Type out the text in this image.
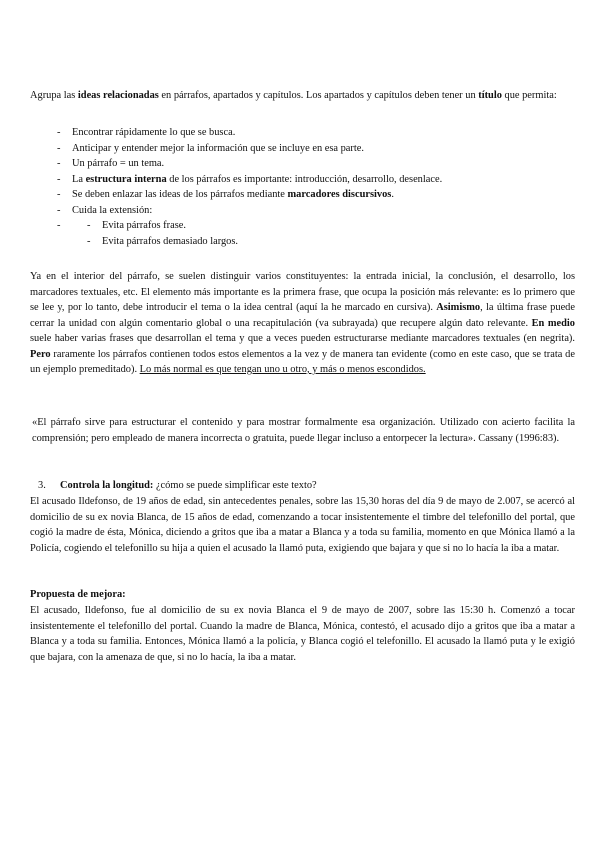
Agrupa las ideas relacionadas en párrafos, apartados y capítulos. Los apartados y capítulos deben tener un título que permita:

- Encontrar rápidamente lo que se busca.
- Anticipar y entender mejor la información que se incluye en esa parte.
- Un párrafo = un tema.
- La estructura interna de los párrafos es importante: introducción, desarrollo, desenlace.
- Se deben enlazar las ideas de los párrafos mediante marcadores discursivos.
- Cuida la extensión:
- - Evita párrafos frase.
- Evita párrafos demasiado largos.

Ya en el interior del párrafo, se suelen distinguir varios constituyentes: la entrada inicial, la conclusión, el desarrollo, los marcadores textuales, etc. El elemento más importante es la primera frase, que ocupa la posición más relevante: es lo primero que se lee y, por lo tanto, debe introducir el tema o la idea central (aquí la he marcado en cursiva). Asimismo, la última frase puede cerrar la unidad con algún comentario global o una recapitulación (va subrayada) que recupere algún dato relevante. En medio suele haber varias frases que desarrollan el tema y que a veces pueden estructurarse mediante marcadores textuales (en negrita). Pero raramente los párrafos contienen todos estos elementos a la vez y de manera tan evidente (como en este caso, que se trata de un ejemplo premeditado). Lo más normal es que tengan uno u otro, y más o menos escondidos.

«El párrafo sirve para estructurar el contenido y para mostrar formalmente esa organización. Utilizado con acierto facilita la comprensión; pero empleado de manera incorrecta o gratuita, puede llegar incluso a entorpecer la lectura». Cassany (1996:83).

3. Controla la longitud: ¿cómo se puede simplificar este texto?

El acusado Ildefonso, de 19 años de edad, sin antecedentes penales, sobre las 15,30 horas del día 9 de mayo de 2.007, se acercó al domicilio de su ex novia Blanca, de 15 años de edad, comenzando a tocar insistentemente el timbre del telefonillo del portal, que cogió la madre de ésta, Mónica, diciendo a gritos que iba a matar a Blanca y a toda su familia, momento en que Mónica llamó a la Policía, cogiendo el telefonillo su hija a quien el acusado la llamó puta, exigiendo que bajara y que si no lo hacía la iba a matar.

Propuesta de mejora:

El acusado, Ildefonso, fue al domicilio de su ex novia Blanca el 9 de mayo de 2007, sobre las 15:30 h. Comenzó a tocar insistentemente el telefonillo del portal. Cuando la madre de Blanca, Mónica, contestó, el acusado dijo a gritos que iba a matar a Blanca y a toda su familia. Entonces, Mónica llamó a la policía, y Blanca cogió el telefonillo. El acusado la llamó puta y le exigió que bajara, con la amenaza de que, si no lo hacía, la iba a matar.
